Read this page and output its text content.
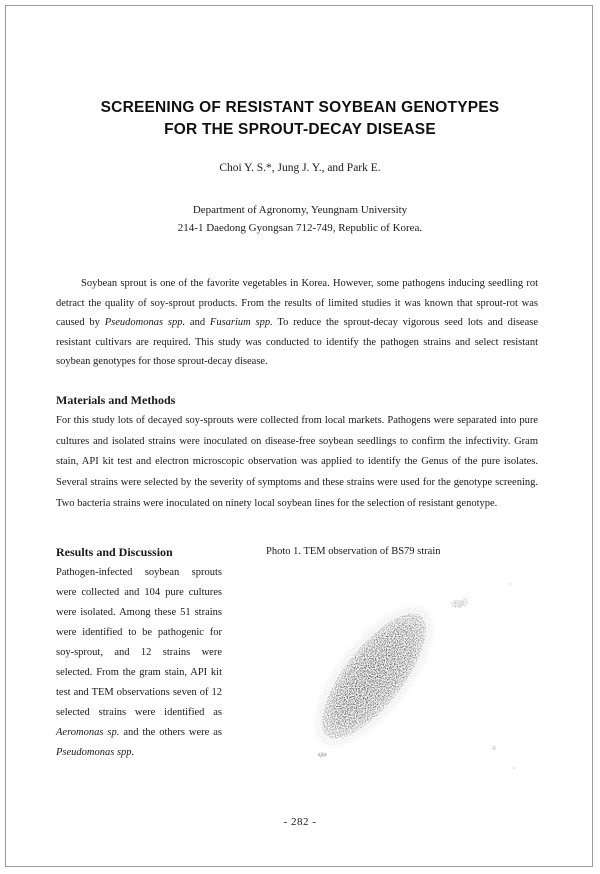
SCREENING OF RESISTANT SOYBEAN GENOTYPES
FOR THE SPROUT-DECAY DISEASE
Choi Y. S.*, Jung J. Y., and Park E.
Department of Agronomy, Yeungnam University
214-1 Daedong Gyongsan 712-749, Republic of Korea.

Soybean sprout is one of the favorite vegetables in Korea. However, some pathogens inducing seedling rot detract the quality of soy-sprout products. From the results of limited studies it was known that sprout-rot was caused by Pseudomonas spp. and Fusarium spp. To reduce the sprout-decay vigorous seed lots and disease resistant cultivars are required. This study was conducted to identify the pathogen strains and select resistant soybean genotypes for those sprout-decay disease.

Materials and Methods

For this study lots of decayed soy-sprouts were collected from local markets. Pathogens were separated into pure cultures and isolated strains were inoculated on disease-free soybean seedlings to confirm the infectivity. Gram stain, API kit test and electron microscopic observation was applied to identify the Genus of the pure isolates. Several strains were selected by the severity of symptoms and these strains were used for the genotype screening. Two bacteria strains were inoculated on ninety local soybean lines for the selection of resistant genotype.

Results and Discussion

Pathogen-infected soybean sprouts were collected and 104 pure cultures were isolated. Among these 51 strains were identified to be pathogenic for soy-sprout, and 12 strains were selected. From the gram stain, API kit test and TEM observations seven of 12 selected strains were identified as Aeromonas sp. and the others were as Pseudomonas spp.

Photo 1. TEM observation of BS79 strain
- 282 -
